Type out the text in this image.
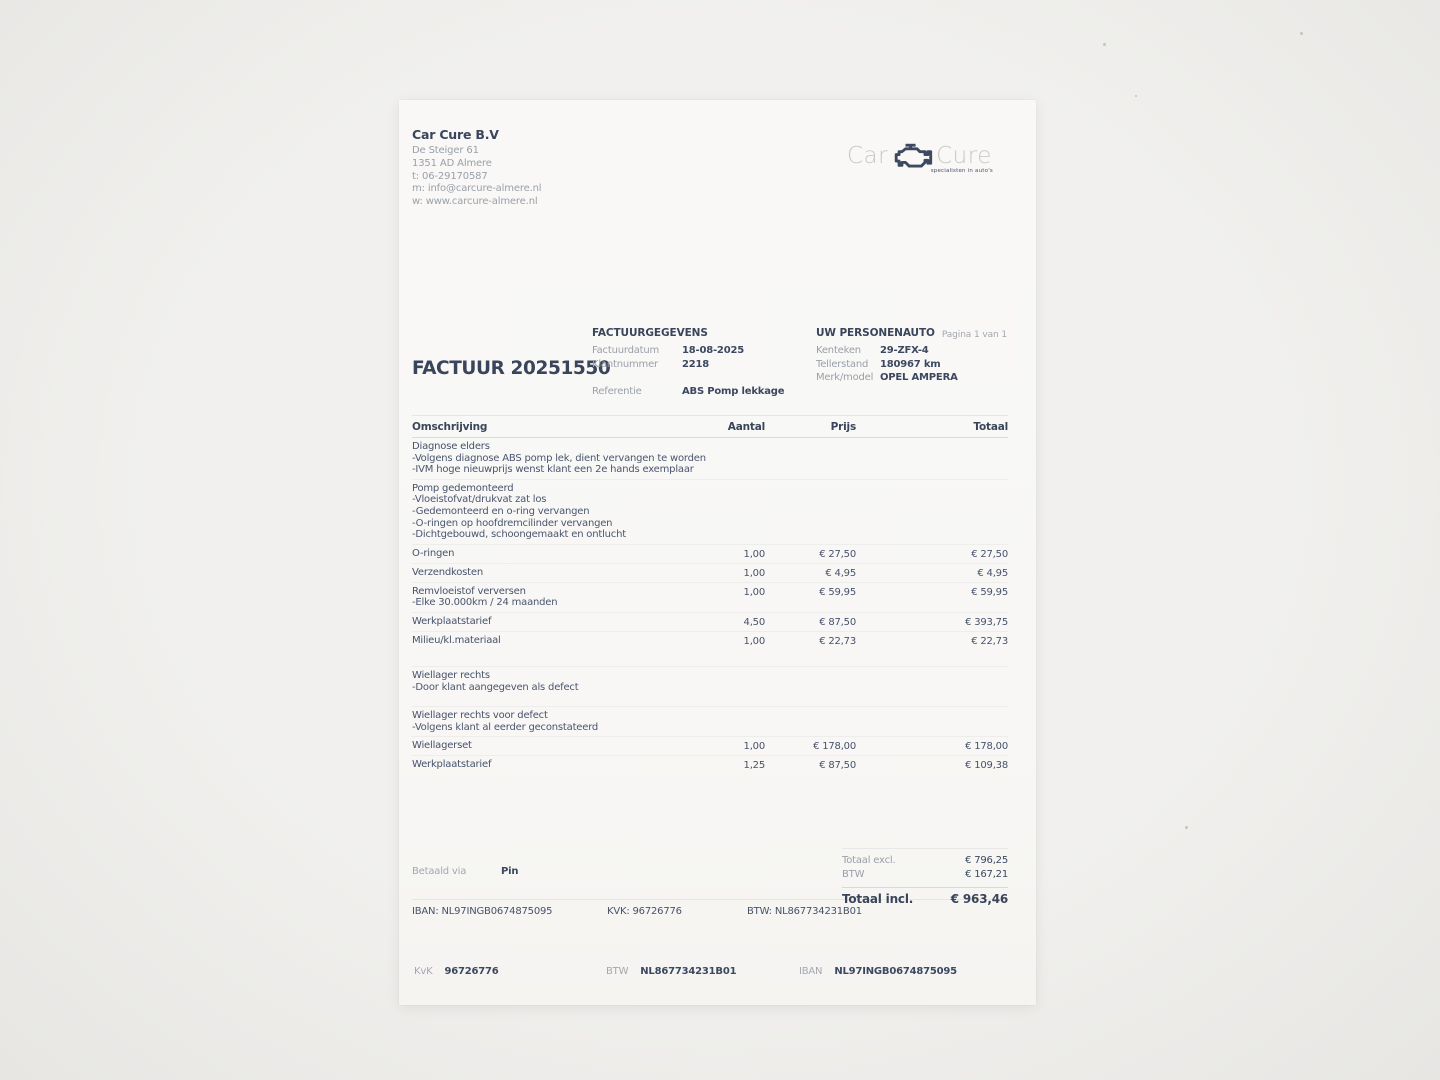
Car Cure B.V
De Steiger 61
1351 AD Almere
t: 06-29170587
m: info@carcure-almere.nl
w: www.carcure-almere.nl
Car Cure
specialisten in auto's
Pagina 1 van 1
FACTUUR 20251550
FACTUURGEGEVENS
Factuurdatum	18-08-2025
Klantnummer	2218
Referentie	ABS Pomp lekkage
UW PERSONENAUTO
Kenteken	29-ZFX-4
Tellerstand	180967 km
Merk/model OPEL AMPERA
Omschrijving	Aantal	Prijs	Totaal
Diagnose elders
-Volgens diagnose ABS pomp lek, dient vervangen te worden
-IVM hoge nieuwprijs wenst klant een 2e hands exemplaar
Pomp gedemonteerd
-Vloeistofvat/drukvat zat los
-Gedemonteerd en o-ring vervangen
-O-ringen op hoofdremcilinder vervangen
-Dichtgebouwd, schoongemaakt en ontlucht
O-ringen	1,00	€ 27,50	€ 27,50
Verzendkosten	1,00	€ 4,95	€ 4,95
Remvloeistof verversen
-Elke 30.000km / 24 maanden
1,00	€ 59,95	€ 59,95
Werkplaatstarief	4,50	€ 87,50	€ 393,75
Milieu/kl.materiaal	1,00	€ 22,73	€ 22,73
Wiellager rechts
-Door klant aangegeven als defect
Wiellager rechts voor defect
-Volgens klant al eerder geconstateerd
Wiellagerset	1,00	€ 178,00	€ 178,00
Werkplaatstarief	1,25	€ 87,50	€ 109,38
Totaal excl.	€ 796,25
BTW	€ 167,21
Totaal incl.	€ 963,46
Betaald via	Pin
IBAN: NL97INGB0674875095	KVK: 96726776	BTW: NL867734231B01
KvK 96726776	BTW NL867734231B01	IBAN NL97INGB0674875095
